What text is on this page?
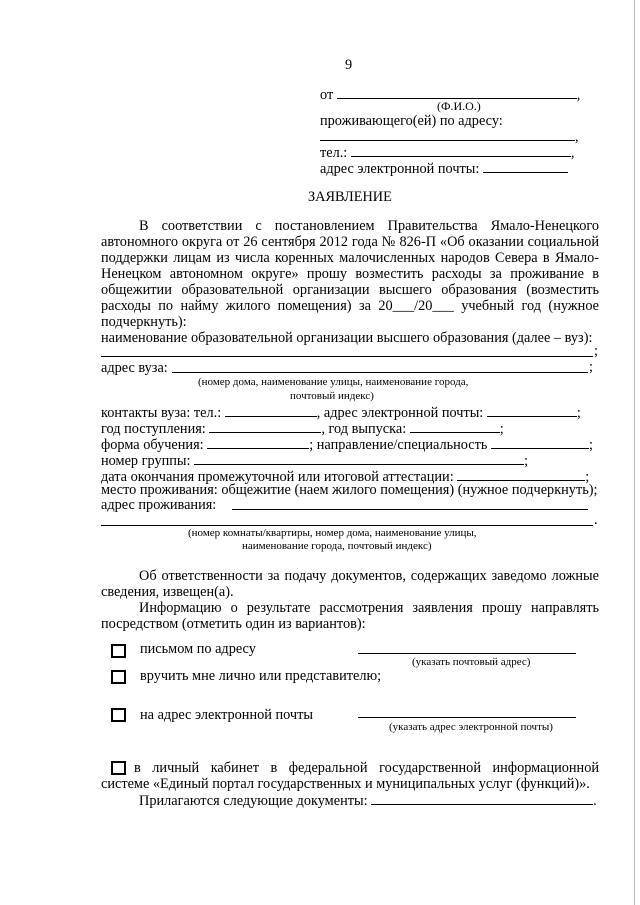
9
от	,
(Ф.И.О.)
проживающего(ей) по адресу:
,
тел.:	,
адрес электронной почты:
ЗАЯВЛЕНИЕ
В соответствии с постановлением Правительства Ямало-Ненецкого
автономного округа от 26 сентября 2012 года № 826-П «Об оказании социальной
поддержки лицам из числа коренных малочисленных народов Севера в Ямало-
Ненецком автономном округе» прошу возместить расходы за проживание в
общежитии образовательной организации высшего образования (возместить
расходы по найму жилого помещения) за 20___/20___ учебный год (нужное
подчеркнуть):
наименование образовательной организации высшего образования (далее – вуз):
;
адрес вуза:	;
(номер дома, наименование улицы, наименование города,
почтовый индекс)
контакты вуза: тел.:	, адрес электронной почты:	;
год поступления:	, год выпуска:	;
форма обучения:	; направление/специальность	;
номер группы:	;
дата окончания промежуточной или итоговой аттестации:	;
место проживания: общежитие (наем жилого помещения) (нужное подчеркнуть);
адрес проживания:
.
(номер комнаты/квартиры, номер дома, наименование улицы,
наименование города, почтовый индекс)
Об ответственности за подачу документов, содержащих заведомо ложные
сведения, извещен(а).
Информацию о результате рассмотрения заявления прошу направлять
посредством (отметить один из вариантов):
письмом по адресу
(указать почтовый адрес)
вручить мне лично или представителю;
на адрес электронной почты
(указать адрес электронной почты)
в личный кабинет в федеральной государственной информационной
системе «Единый портал государственных и муниципальных услуг (функций)».
Прилагаются следующие документы:	.
